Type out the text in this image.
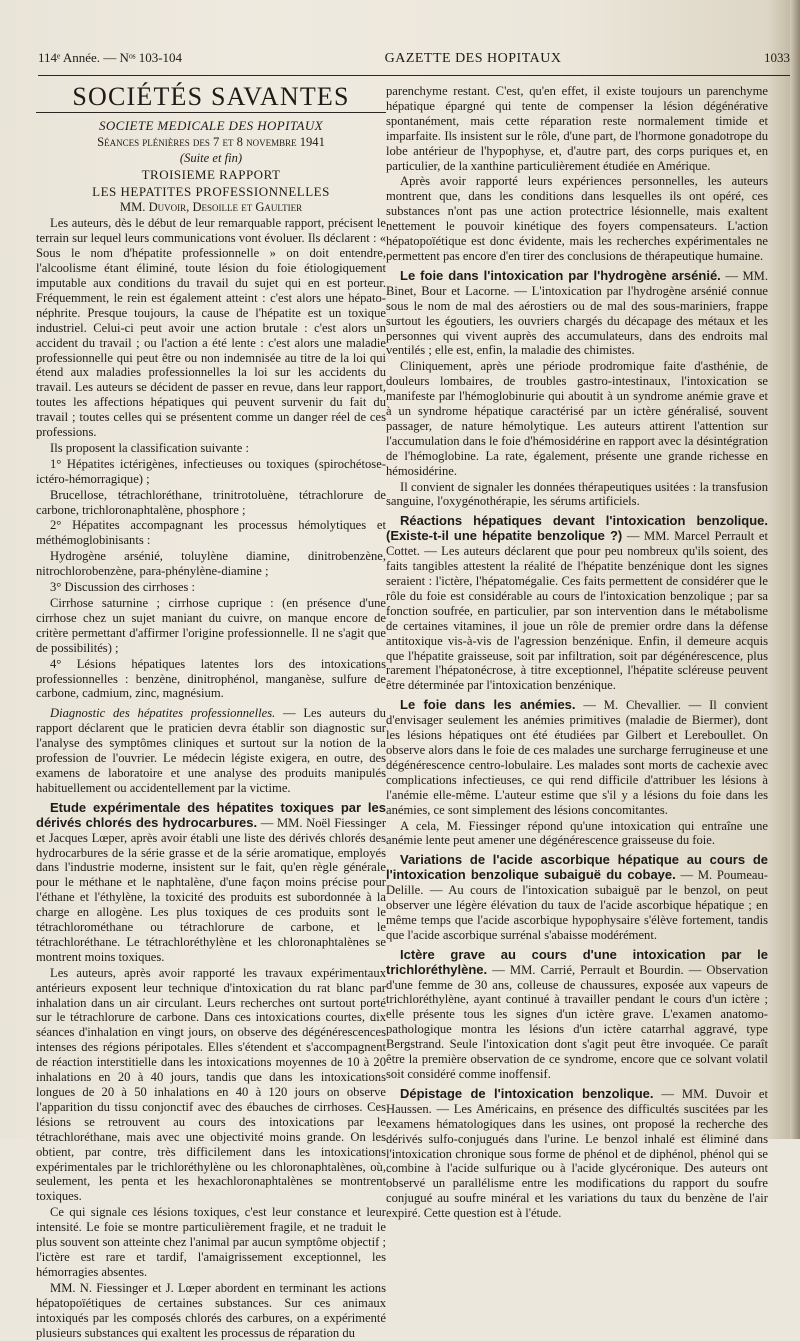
114ᵉ Année. — Nᵒˢ 103-104	GAZETTE DES HOPITAUX	1033
SOCIÉTÉS SAVANTES

SOCIETE MEDICALE DES HOPITAUX

Séances plénières des 7 et 8 novembre 1941

(Suite et fin)

TROISIEME RAPPORT

LES HEPATITES PROFESSIONNELLES

MM. Duvoir, Desoille et Gaultier

Les auteurs, dès le début de leur remarquable rapport, précisent le terrain sur lequel leurs communications vont évoluer. Ils déclarent : « Sous le nom d'hépatite professionnelle » on doit entendre, l'alcoolisme étant éliminé, toute lésion du foie étiologiquement imputable aux conditions du travail du sujet qui en est porteur. Fréquemment, le rein est également atteint : c'est alors une hépato-néphrite. Presque toujours, la cause de l'hépatite est un toxique industriel. Celui-ci peut avoir une action brutale : c'est alors un accident du travail ; ou l'action a été lente : c'est alors une maladie professionnelle qui peut être ou non indemnisée au titre de la loi qui étend aux maladies professionnelles la loi sur les accidents du travail. Les auteurs se décident de passer en revue, dans leur rapport, toutes les affections hépatiques qui peuvent survenir du fait du travail ; toutes celles qui se présentent comme un danger réel de ces professions.

Ils proposent la classification suivante :

1° Hépatites ictérigènes, infectieuses ou toxiques (spirochétose-ictéro-hémorragique) ;

Brucellose, tétrachloréthane, trinitrotoluène, tétrachlorure de carbone, trichloronaphtalène, phosphore ;

2° Hépatites accompagnant les processus hémolytiques et méthémoglobinisants :

Hydrogène arsénié, toluylène diamine, dinitrobenzène, nitrochlorobenzène, para-phénylène-diamine ;

3° Discussion des cirrhoses :

Cirrhose saturnine ; cirrhose cuprique : (en présence d'une cirrhose chez un sujet maniant du cuivre, on manque encore de critère permettant d'affirmer l'origine professionnelle. Il ne s'agit que de possibilités) ;

4° Lésions hépatiques latentes lors des intoxications professionnelles : benzène, dinitrophénol, manganèse, sulfure de carbone, cadmium, zinc, magnésium.

Diagnostic des hépatites professionnelles. — Les auteurs du rapport déclarent que le praticien devra établir son diagnostic sur l'analyse des symptômes cliniques et surtout sur la notion de la profession de l'ouvrier. Le médecin légiste exigera, en outre, des examens de laboratoire et une analyse des produits manipulés habituellement ou accidentellement par la victime.

Etude expérimentale des hépatites toxiques par les dérivés chlorés des hydrocarbures. — MM. Noël Fiessinger et Jacques Lœper, après avoir établi une liste des dérivés chlorés des hydrocarbures de la série grasse et de la série aromatique, employés dans l'industrie moderne, insistent sur le fait, qu'en règle générale pour le méthane et le naphtalène, d'une façon moins précise pour l'éthane et l'éthylène, la toxicité des produits est subordonnée à la charge en allogène. Les plus toxiques de ces produits sont le tétrachlorométhane ou tétrachlorure de carbone, et le tétrachloréthane. Le tétrachloréthylène et les chloronaphtalènes se montrent moins toxiques.

Les auteurs, après avoir rapporté les travaux expérimentaux antérieurs exposent leur technique d'intoxication du rat blanc par inhalation dans un air circulant. Leurs recherches ont surtout porté sur le tétrachlorure de carbone. Dans ces intoxications courtes, dix séances d'inhalation en vingt jours, on observe des dégénérescences intenses des régions péripotales. Elles s'étendent et s'accompagnent de réaction interstitielle dans les intoxications moyennes de 10 à 20 inhalations en 20 à 40 jours, tandis que dans les intoxications longues de 20 à 50 inhalations en 40 à 120 jours on observe l'apparition du tissu conjonctif avec des ébauches de cirrhoses. Ces lésions se retrouvent au cours des intoxications par le tétrachloréthane, mais avec une objectivité moins grande. On les obtient, par contre, très difficilement dans les intoxications expérimentales par le trichloréthylène ou les chloronaphtalènes, où, seulement, les penta et les hexachloronaphtalènes se montrent toxiques.

Ce qui signale ces lésions toxiques, c'est leur constance et leur intensité. Le foie se montre particulièrement fragile, et ne traduit le plus souvent son atteinte chez l'animal par aucun symptôme objectif ; l'ictère est rare et tardif, l'amaigrissement exceptionnel, les hémorragies absentes.

MM. N. Fiessinger et J. Lœper abordent en terminant les actions hépatopoïétiques de certaines substances. Sur ces animaux intoxiqués par les composés chlorés des carbures, on a expérimenté plusieurs substances qui exaltent les processus de réparation du

parenchyme restant. C'est, qu'en effet, il existe toujours un parenchyme hépatique épargné qui tente de compenser la lésion dégénérative spontanément, mais cette réparation reste normalement timide et imparfaite. Ils insistent sur le rôle, d'une part, de l'hormone gonadotrope du lobe antérieur de l'hypophyse, et, d'autre part, des corps puriques et, en particulier, de la xanthine particulièrement étudiée en Amérique.

Après avoir rapporté leurs expériences personnelles, les auteurs montrent que, dans les conditions dans lesquelles ils ont opéré, ces substances n'ont pas une action protectrice lésionnelle, mais exaltent nettement le pouvoir kinétique des foyers compensateurs. L'action hépatopoïétique est donc évidente, mais les recherches expérimentales ne permettent pas encore d'en tirer des conclusions de thérapeutique humaine.

Le foie dans l'intoxication par l'hydrogène arsénié. — MM. Binet, Bour et Lacorne. — L'intoxication par l'hydrogène arsénié connue sous le nom de mal des aérostiers ou de mal des sous-mariniers, frappe surtout les égoutiers, les ouvriers chargés du décapage des métaux et les personnes qui vivent auprès des accumulateurs, dans des endroits mal ventilés ; elle est, enfin, la maladie des chimistes.

Cliniquement, après une période prodromique faite d'asthénie, de douleurs lombaires, de troubles gastro-intestinaux, l'intoxication se manifeste par l'hémoglobinurie qui aboutit à un syndrome anémie grave et à un syndrome hépatique caractérisé par un ictère généralisé, souvent passager, de nature hémolytique. Les auteurs attirent l'attention sur l'accumulation dans le foie d'hémosidérine en rapport avec la désintégration de l'hémoglobine. La rate, également, présente une grande richesse en hémosidérine.

Il convient de signaler les données thérapeutiques usitées : la transfusion sanguine, l'oxygénothérapie, les sérums artificiels.

Réactions hépatiques devant l'intoxication benzolique. (Existe-t-il une hépatite benzolique ?) — MM. Marcel Perrault et Cottet. — Les auteurs déclarent que pour peu nombreux qu'ils soient, des faits tangibles attestent la réalité de l'hépatite benzénique dont les signes seraient : l'ictère, l'hépatomégalie. Ces faits permettent de considérer que le rôle du foie est considérable au cours de l'intoxication benzolique ; par sa fonction soufrée, en particulier, par son intervention dans le métabolisme de certaines vitamines, il joue un rôle de premier ordre dans la défense antitoxique vis-à-vis de l'agression benzénique. Enfin, il demeure acquis que l'hépatite graisseuse, soit par infiltration, soit par dégénérescence, plus rarement l'hépatonécrose, à titre exceptionnel, l'hépatite scléreuse peuvent être déterminée par l'intoxication benzénique.

Le foie dans les anémies. — M. Chevallier. — Il convient d'envisager seulement les anémies primitives (maladie de Biermer), dont les lésions hépatiques ont été étudiées par Gilbert et Lereboullet. On observe alors dans le foie de ces malades une surcharge ferrugineuse et une dégénérescence centro-lobulaire. Les malades sont morts de cachexie avec complications infectieuses, ce qui rend difficile d'attribuer les lésions à l'anémie elle-même. L'auteur estime que s'il y a lésions du foie dans les anémies, ce sont simplement des lésions concomitantes.

A cela, M. Fiessinger répond qu'une intoxication qui entraîne une anémie lente peut amener une dégénérescence graisseuse du foie.

Variations de l'acide ascorbique hépatique au cours de l'intoxication benzolique subaiguë du cobaye. — M. Poumeau-Delille. — Au cours de l'intoxication subaiguë par le benzol, on peut observer une légère élévation du taux de l'acide ascorbique hépatique ; en même temps que l'acide ascorbique hypophysaire s'élève fortement, tandis que l'acide ascorbique surrénal s'abaisse modérément.

Ictère grave au cours d'une intoxication par le trichloréthylène. — MM. Carrié, Perrault et Bourdin. — Observation d'une femme de 30 ans, colleuse de chaussures, exposée aux vapeurs de trichloréthylène, ayant continué à travailler pendant le cours d'un ictère ; elle présente tous les signes d'un ictère grave. L'examen anatomo-pathologique montra les lésions d'un ictère catarrhal aggravé, type Bergstrand. Seule l'intoxication dont s'agit peut être invoquée. Ce paraît être la première observation de ce syndrome, encore que ce solvant volatil soit considéré comme inoffensif.

Dépistage de l'intoxication benzolique. — MM. Duvoir et Haussen. — Les Américains, en présence des difficultés suscitées par les examens hématologiques dans les usines, ont proposé la recherche des dérivés sulfo-conjugués dans l'urine. Le benzol inhalé est éliminé dans l'intoxication chronique sous forme de phénol et de diphénol, phénol qui se combine à l'acide sulfurique ou à l'acide glycéronique. Des auteurs ont observé un parallélisme entre les modifications du rapport du soufre conjugué au soufre minéral et les variations du taux du benzène de l'air expiré. Cette question est à l'étude.
